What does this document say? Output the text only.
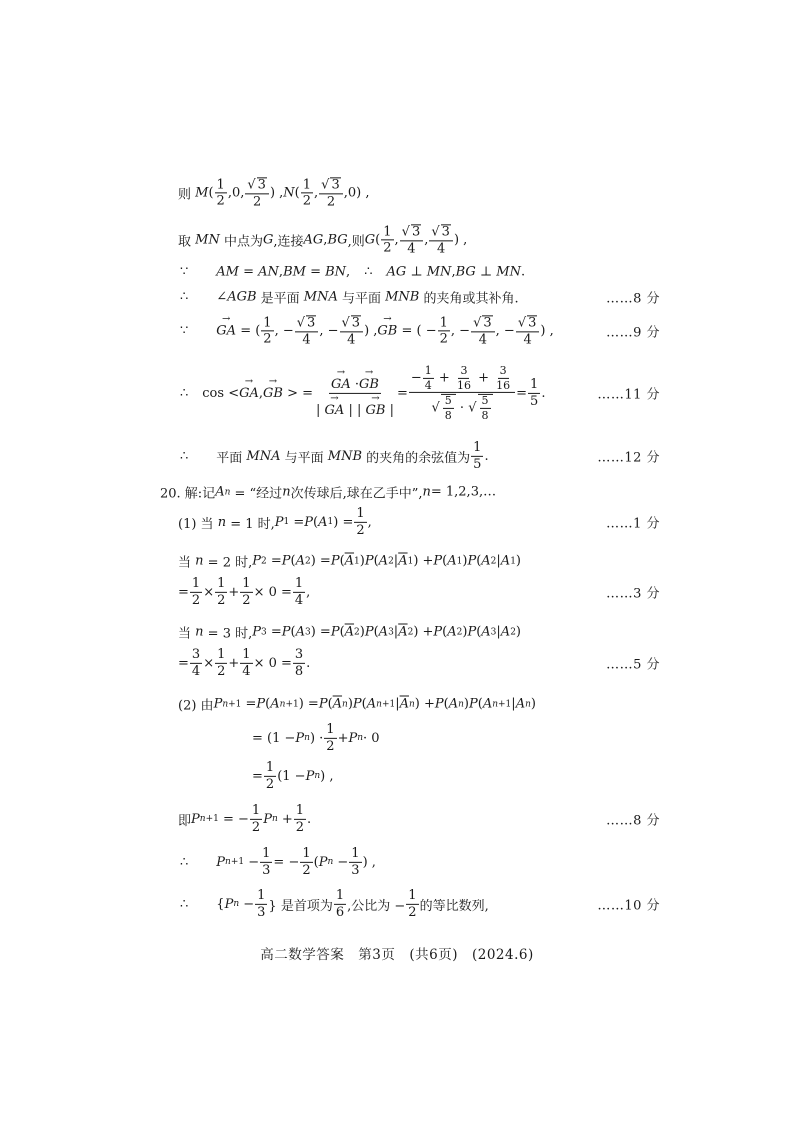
则 M (
1
2
,0,
√ 3
2
) , N (
1
2
,
√ 3
2
,0) ,
取 MN 中点为 G ,连接 AG , BG ,则 G (
1
2
,
√ 3
4
,
√ 3
4
) ,
∵ AM = AN , BM = BN , ∴ AG ⊥ MN , BG ⊥ MN .
∴ ∠ AGB 是平面 MNA 与平面 MNB 的夹角或其补角.	……8 分
∵ → GA = (
1
2
, −
√ 3
4
, −
√ 3
4
) , → GB = ( −
1
2
, −
√ 3
4
, −
√ 3
4
) ,	……9 分
∴ cos < → GA , → GB > =
→ GA ·→ GB
| → GA | | → GB |
=
− $\frac{1}{4} + \frac{3}{16} + \frac{3}{16}$
√ $\frac{5}{8}$ · √ $\frac{5}{8}$
=
1
5
.	……11 分
∴ 平面 MNA 与平面 MNB 的夹角的余弦值为
1
5
.	……12 分
20. 解:记 A n = “经过 n 次传球后,球在乙手中”, n = 1,2,3,…
(1) 当 n = 1 时, P 1 = P ( A 1 ) =
1
2
,	……1 分
当 n = 2 时, P 2 = P ( A 2 ) = P ( $\overline{A}$ 1 ) P ( A 2 | $\overline{A}$ 1 ) + P ( A 1 ) P ( A 2 | A 1 )
=
1
2
×
1
2
+
1
2
× 0 =
1
4
,	……3 分
当 n = 3 时, P 3 = P ( A 3 ) = P ( $\overline{A}$ 2 ) P ( A 3 | $\overline{A}$ 2 ) + P ( A 2 ) P ( A 3 | A 2 )
=
3
4
×
1
2
+
1
4
× 0 =
3
8
.	……5 分
(2) 由 P n+1 = P ( A n+1 ) = P ( $\overline{A}$ n ) P ( A n+1 | $\overline{A}$ n ) + P ( A n ) P ( A n+1 | A n )
= (1 − P n ) ·
1
2
+ P n · 0
=
1
2
(1 − P n ) ,
即 P n+1 = −
1
2
P n +
1
2
.	……8 分
∴ P n+1 −
1
3
= −
1
2
( P n −
1
3
) ,
∴ { P n −
1
3 } 是首项为
1
6 ,公比为 −
1
2 的等比数列,	……10 分
高二数学答案　第3页　(共6页)　(2024.6)
